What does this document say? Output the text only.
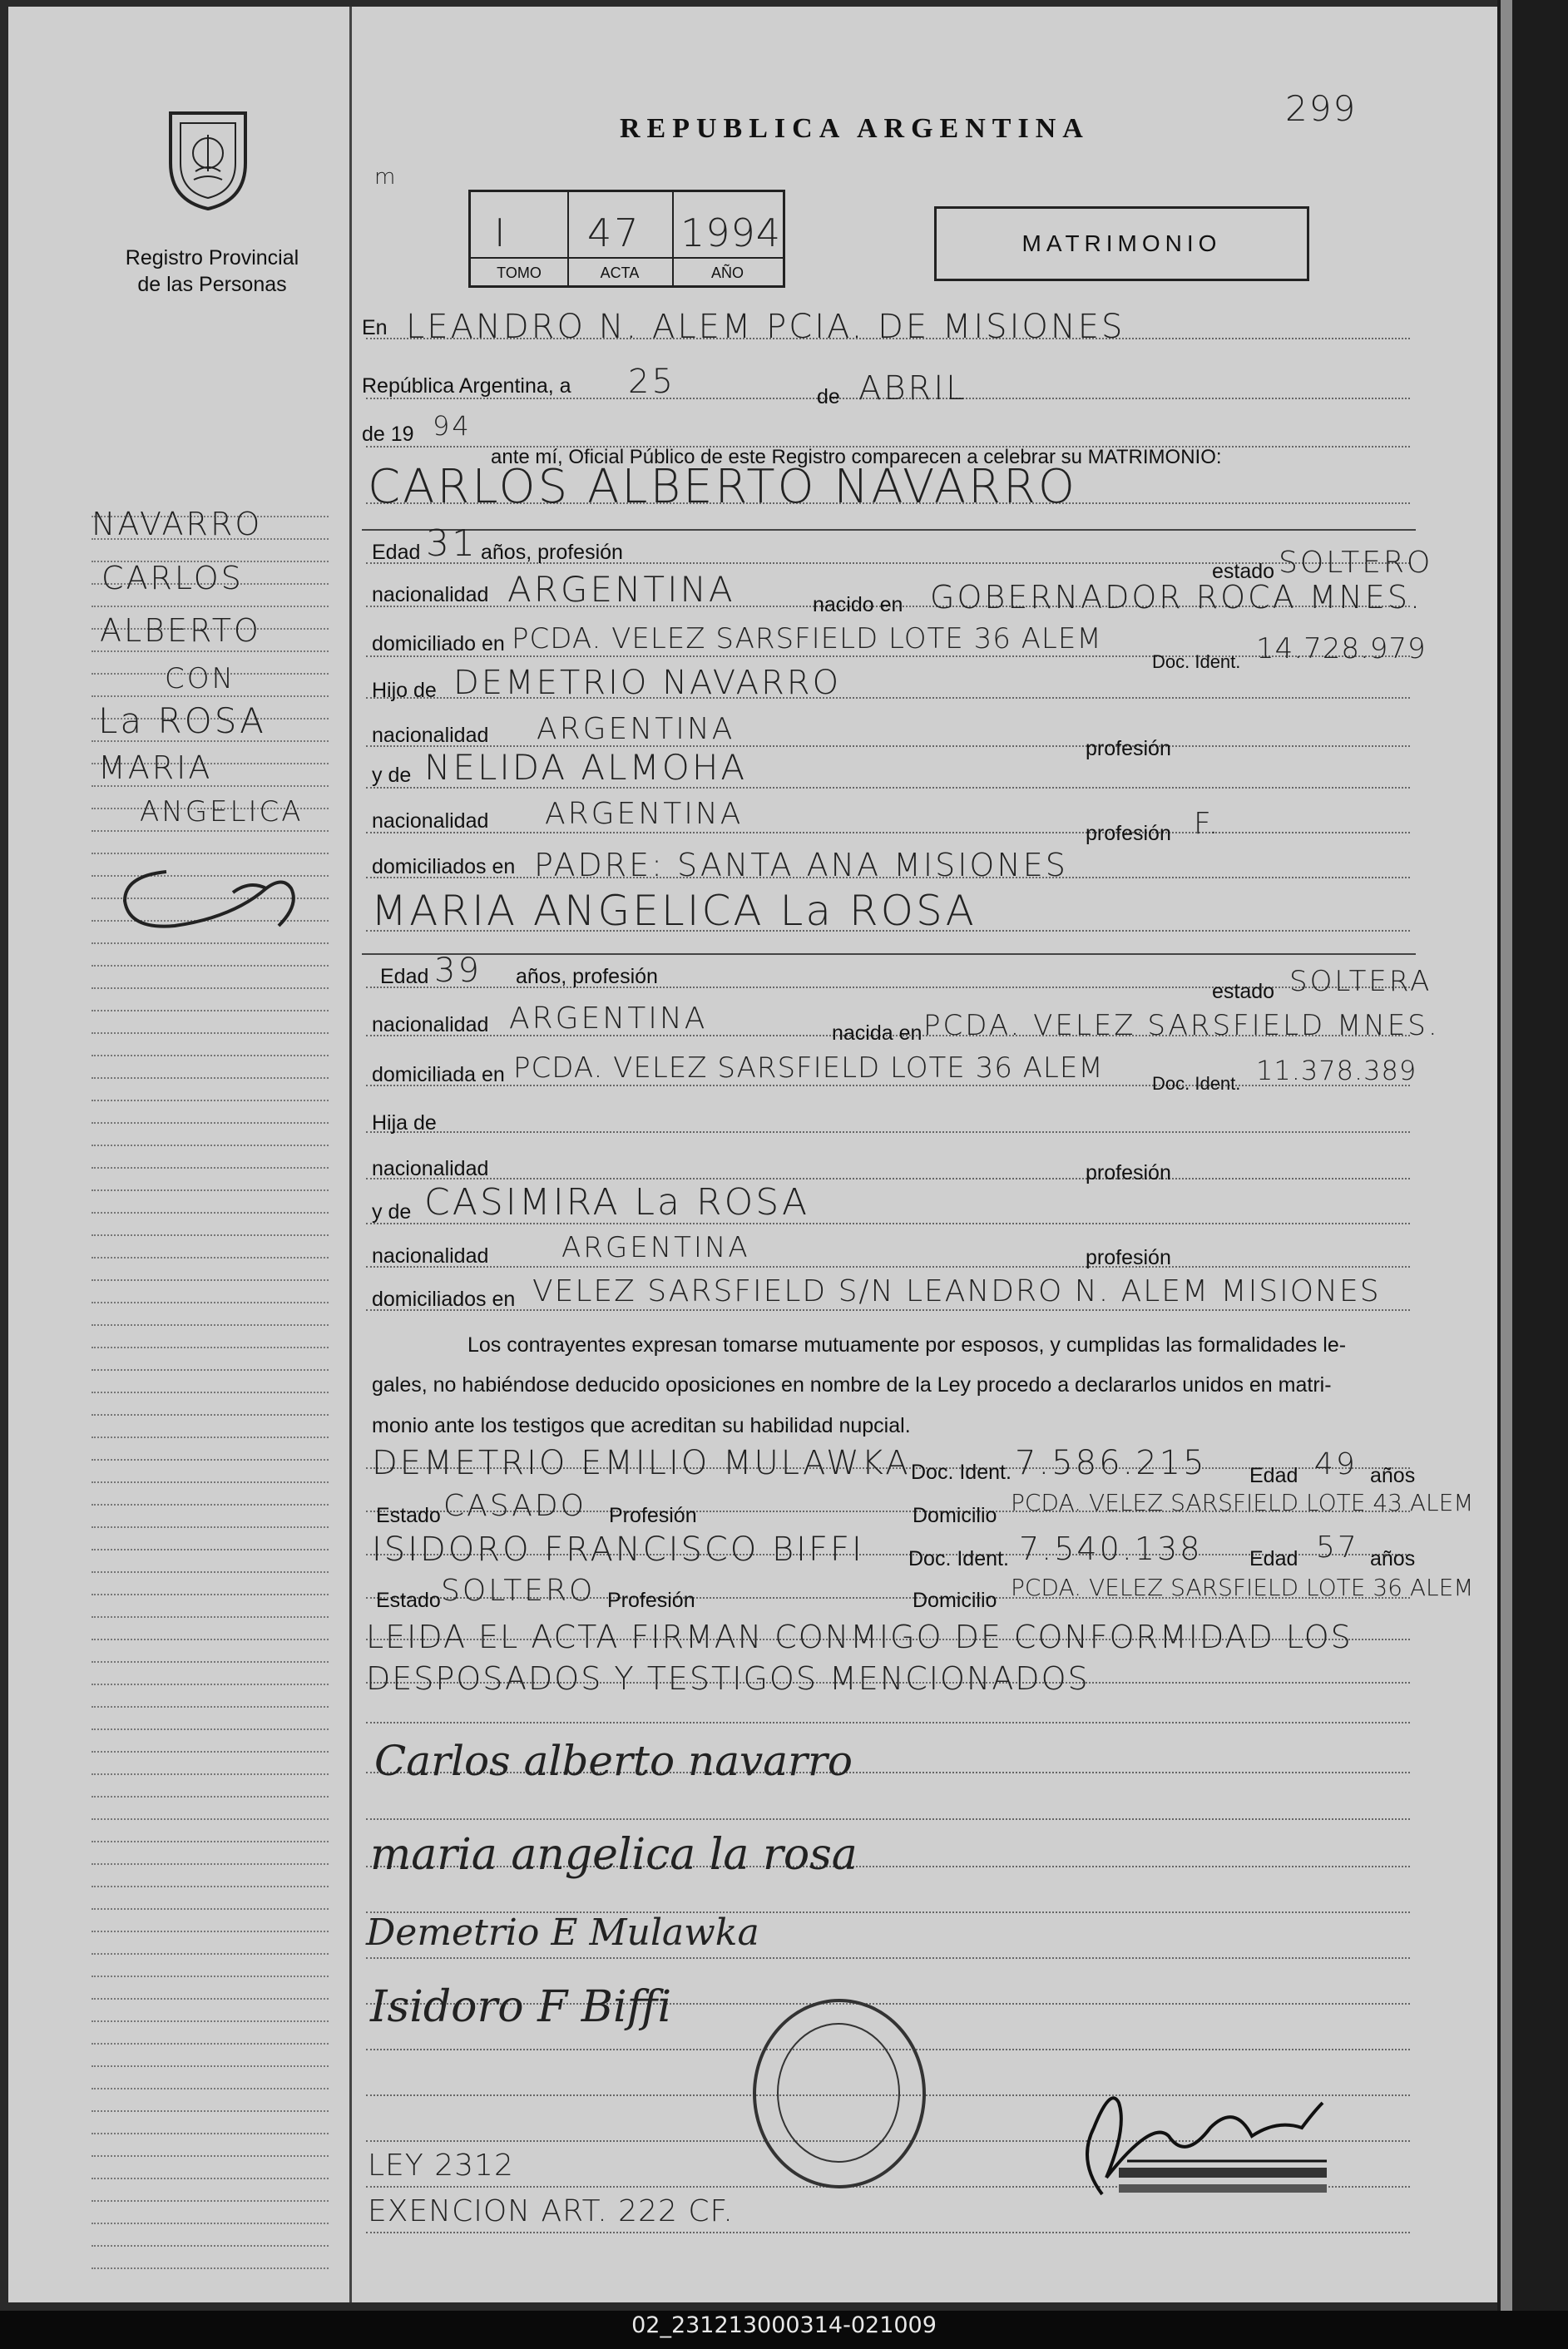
Registro Provincial
de las Personas
REPUBLICA ARGENTINA	299
m
I 47 1994
TOMO	ACTA	AÑO
MATRIMONIO
NAVARRO
CARLOS
ALBERTO
CON
La ROSA
MARIA
ANGELICA
En LEANDRO N. ALEM PCIA. DE MISIONES
República Argentina, a 25	de ABRIL
de 19 94
ante mí, Oficial Público de este Registro comparecen a celebrar su MATRIMONIO:
CARLOS ALBERTO NAVARRO
Edad 31 años, profesión
estado SOLTERO
nacionalidad ARGENTINA	nacido en GOBERNADOR ROCA MNES.
domiciliado en PCDA. VELEZ SARSFIELD LOTE 36 ALEM
Doc. Ident. 14.728.979
Hijo de DEMETRIO NAVARRO
nacionalidad ARGENTINA
profesión
y de NELIDA ALMOHA
nacionalidad ARGENTINA
profesión F.
domiciliados en PADRE: SANTA ANA MISIONES
MARIA ANGELICA La ROSA
Edad 39 años, profesión
estado SOLTERA
nacionalidad ARGENTINA	nacida en PCDA. VELEZ SARSFIELD MNES.
domiciliada en PCDA. VELEZ SARSFIELD LOTE 36 ALEM	Doc. Ident. 11.378.389
Hija de
nacionalidad	profesión
y de CASIMIRA La ROSA
nacionalidad	ARGENTINA	profesión
domiciliados en VELEZ SARSFIELD S/N LEANDRO N. ALEM MISIONES
Los contrayentes expresan tomarse mutuamente por esposos, y cumplidas las formalidades le-
gales, no habiéndose deducido oposiciones en nombre de la Ley procedo a declararlos unidos en matri-
monio ante los testigos que acreditan su habilidad nupcial.
DEMETRIO EMILIO MULAWKA Doc. Ident. 7.586.215 Edad 49 años
Estado CASADO Profesión	Domicilio PCDA. VELEZ SARSFIELD LOTE 43 ALEM
ISIDORO FRANCISCO BIFFI Doc. Ident. 7.540.138 Edad 57 años
Estado SOLTERO Profesión	Domicilio PCDA. VELEZ SARSFIELD LOTE 36 ALEM
LEIDA EL ACTA FIRMAN CONMIGO DE CONFORMIDAD LOS
DESPOSADOS Y TESTIGOS MENCIONADOS
Carlos alberto navarro
maria angelica la rosa
Demetrio E Mulawka
Isidoro F Biffi
LEY 2312
EXENCION ART. 222 CF.
02_231213000314-021009
